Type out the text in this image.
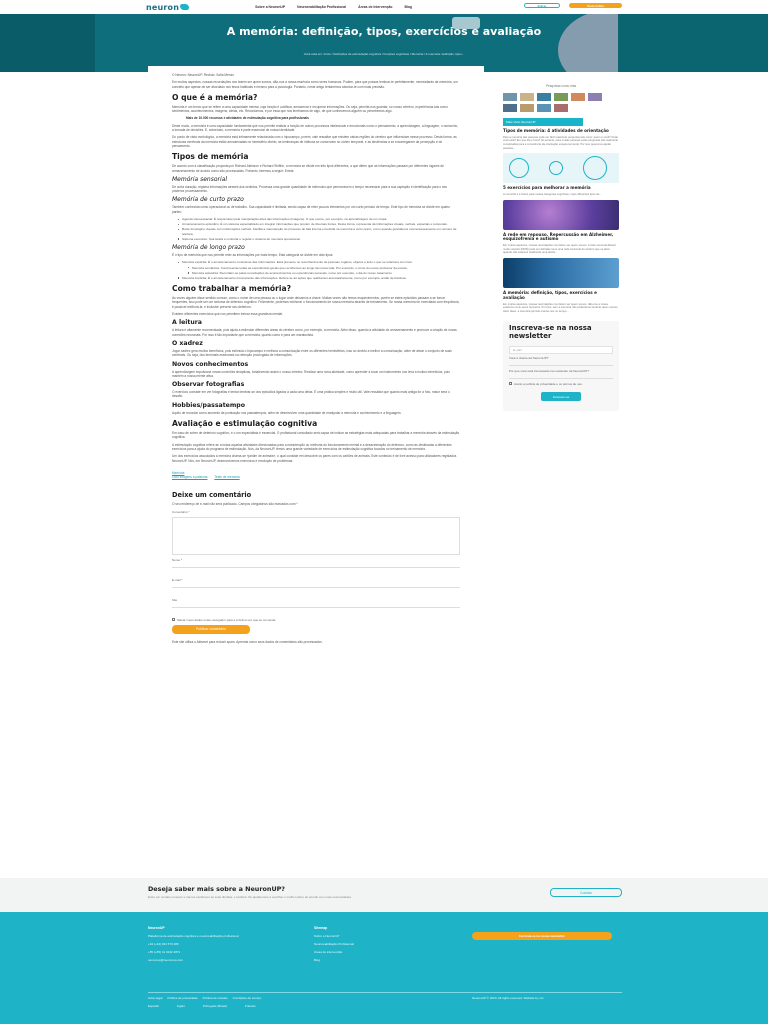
neuron	Sobre a NeuronUP	Neuroreabilitação Profissional	Áreas de intervenção	Blog	Entrar	Teste Grátis
A memória: definição, tipos, exercícios e avaliação
Você está em: Início / Definições de estimulação cognitiva / Funções cognitivas / Memória / A memória: definição, tipos...
O Neuron: NeuronUP. Revisto: Sofia Menzo
Em muitos aspectos, nossas recordações nos fazem ser quem somos, dão-nos a nossa essência como seres humanos. Podem, para que possas lembrar-te perfeitamente, necessitarás da memória, um conceito que apesar de ser abordado nos tesos habituais e mesmo para a psicologia. Portanto, neste artigo tentaremos abordar-te com mais precisão.
O que é a memória?
Memória é um termo que se refere a uma capacidade mental, cuja função é codificar, armazenar e recuperar informações. Ou seja, permite-nos guardar, no nosso cérebro, experiências tais como sentimentos, acontecimentos, imagens, ideias, etc. Recordamos, é por essa que nos lembramos de algo, de que conhecemos alguém ou percebemos algo.
Mais de 10.000 recursos e atividades de estimulação cognitiva para profissionais
Deste modo, a memória é uma capacidade fundamental que nos permite realizar a função de outros processos intelectuais e emocionais como o pensamento, a aprendizagem, a linguagem, o raciocínio, a tomada de decisões. E, sobretudo, a memória é parte essencial de nossa identidade.
Do ponto de vista morfológico, a memória está intimamente relacionada com o hipocampo, porém, vale ressaltar que existem várias regiões do cérebro que influenciam nesse processo. Desta forma, as estruturas cerebrais da memória estão armazenadas no hemisfério direito, as lembranças de infância se conservam no córtex temporal, e as tendências a se encarregarem da percepção e do pensamento.
Tipos de memória
De acordo com a classificação proposta por Richard Atkinson e Richard Shiffrin, a memória se divide em três tipos diferentes, a que difere que as informações passam por diferentes lugares de armazenamento de acordo como são processadas. Portanto, faremos a seguir: Existe.
Memória sensorial
De curta duração, registra informações através dos sentidos. Processa uma grande quantidade de estímulos que permanecem o tempo necessário para a sua captação e identificação para o seu posterior processamento.
Memória de curto prazo
Também conhecida como operacional ou de trabalho. Sua capacidade é limitada, sendo capaz de reter poucos elementos por um curto período de tempo. Este tipo de memória se divide em quatro partes:
Agenda visuoespacial: É responsável pela manipulação ativa das informações (imagens). O que ocorre, por exemplo, na aprendizagem de um mapa.
Armazenamento episódico: É um sistema especializado em integrar informações que provêm de diversas fontes. Desta forma, representa da informações visuais, verbais, espaciais e temporais.
Bucle fonológico: Aquele com informações verbais. Facilita a manutenção do processo de fala interna envolvida na memória a curto prazo, como quando guardamos momentaneamente um número de telefone.
Sistema executivo: Sua tarefa é controlar e regular o sistema de memória operacional.
Memória de longo prazo
É o tipo de memória que nos permite reter as informações por mais tempo. Esta categoria se divide em dois tipos:
Memória explícita: É o armazenamento consciente das informações. Está presente no reconhecimento de pessoas, lugares, objetos e tudo o que se relaciona com isso.
Memória semântica: Compreende todas as experiências gerais que recolhemos ao longo da nossa vida. Por exemplo, o nome do nosso professor da escola.
Memória episódica: Recordam-se pelas recordações de acontecimentos ou experiências pessoais, como por exemplo, o dia do nosso casamento.
Memória implícita: É o armazenamento inconsciente das informações. Refere-se às ações que realizamos automaticamente, como por exemplo, andar de bicicleta.
Como trabalhar a memória?
Às vezes alguém disse sentido comum, como o nome de uma pessoa ou o lugar onde deixamos a chave. Muitas vezes não temos esquecimentos, porém se estes episódios passam a se tornar frequentes, isso pode ser um sintoma de deterioro cognitivo. Felizmente, podemos melhorar o funcionamento de nossa memória através de treinamento. Se nossa memória for exercitada com frequência, é possível melhorá-la, e inclusive prevenir seu deterioro.
Existem diferentes exercícios que nos permitem treinar essa grandeza mental.
A leitura
A leitura é altamente recomendada, pois ajuda a estimular diferentes áreas do cérebro como, por exemplo, a memória. Além disso, quando a atividade de armazenamento e promove a criação de novas conexões neuronais. Por isso é tão importante que a memória, quanto como é para um maratonista.
O xadrez
Jogar xadrez gera muitos benefícios, pois estimula o hipocampo e melhora a comunicação entre os diferentes hemisférios, isso só devido a melhor a comunicação, além de ativar o conjunto de suas cerebrais. Ou seja, dos terminais essenciais na retenção prolongada de informações.
Novos conhecimentos
A aprendizagem impulsiona novas conexões sinápticas, fortalecendo assim o nosso cérebro. Realizar uma nova atividade, como aprender a tocar um instrumento nos leva a muitos benefícios, pois mantém a nossa mente ativa.
Observar fotografias
O exercício consiste em ver fotografias e tentar lembrar-se dos episódios ligados a cada uma delas. É uma prática simples e muito útil. Vale ressaltar que quanto mais antiga for a foto, maior será o desafio.
Hobbies/passatempo
Aquilo de recordar como aumento da pontuação nos passatempos, além de desenvolver uma quantidade de manipular a memória e conhecimento e a linguagem.
Avaliação e estimulação cognitiva
Em caso de sofrer de deterioro cognitivo, é o um especialista é essencial. O profissional consultado será capaz de indicar as estratégias mais adequadas para trabalhar a memória através da estimulação cognitiva.
A estimulação cognitiva refere-se a todas aquelas atividades direcionadas para a manutenção ou melhoria do funcionamento mental e a desaceleração do deterioro, como as destinadas a diferentes exercícios para a ajuda do programa de estimulação. Nós, da NeuronUP, temos uma grande variedade de exercícios de estimulação cognitiva focados no treinamento de memória.
Um dos exercícios associados à memória chama-se «jardim de animais», o qual consiste em descobrir os pares com os cartões de animais. Este conteúdo é de livre acesso para utilizadores registados NeuronUP. Nós, em NeuronUP, desenvolvemos exercícios e resolução de problemas.
Memória
Livro imagens a palavras Teste de memória
Deixe um comentário
O seu endereço de e-mail não será publicado. Campos obrigatórios são marcados com *
Comentário *
Nome *
E-mail *
Site
Salvar meus dados neste navegador para a próxima vez que eu comentar.
Publicar comentário
Este site utiliza o Akismet para reduzir spam. Aprenda como seus dados de comentários são processados.
Pesquisas como elas
Mais Visto NeuronUP
Tipos de memória: 4 atividades de orientação
Para a memória das pessoas pode ser fácil relacionar perguntas tais como: quem é você? Onde você está? Em que dia e hora? No entanto, para muitas pessoas estas perguntas são realmente complicadas para a consciência da orientação espaço-temporal. Por isso queremos ajudar pessoas...
5 exercícios para melhorar a memória
A memória é a chave para muitas categorias cognitivas, cujos diferentes tipos de...
A rede em repouso. Repercussão em Alzheimer, esquizofrenia e autismo
Em muitos aspectos, nossas recordações nos fazem ser quem somos. A rede neuronal default mode network (DMN) pode ser definida como uma rede funcional do cérebro que se ativa quando não estamos realizando uma tarefa...
A memória: definição, tipos, exercícios e avaliação
Em muitos aspectos, nossas recordações nos fazem ser quem somos, dão-nos a nossa essência como seres humanos. Por isso, sem a memória não poderíamos lembrar quem somos. Além disso, a memória permite manter-nos no tempo...
Inscreva-se na nossa newsletter
E-mail
Você é cliente da NeuronUP?
Por que você está interessado na newsletter da NeuronUP?
Aceito a política de privacidade e os termos de uso.
Inscrever-se
Deseja saber mais sobre a NeuronUP?
Entre em contato conosco e iremos esclarecer as suas dúvidas, e também lhe ajudaremos a escolher o melhor plano de acordo com suas necessidades.
Contato
NeuronUP
Plataforma de estimulação cognitiva e neuroreabilitação profissional
+34 (+34) 941 570 483
+55 (+55) 41 3232 4871
neuronup@neuronup.com
Sitemap
Sobre a NeuronUP
Neuroreabilitação Profissional
Áreas de intervenção
Blog
Inscreva-se na nossa newsletter
Aviso legal Política de privacidade Política de cookies Condições de serviço
Español	Inglés	Português (Brasil)	Francês
NeuronUP © 2023. All rights reserved. Website by xxx
